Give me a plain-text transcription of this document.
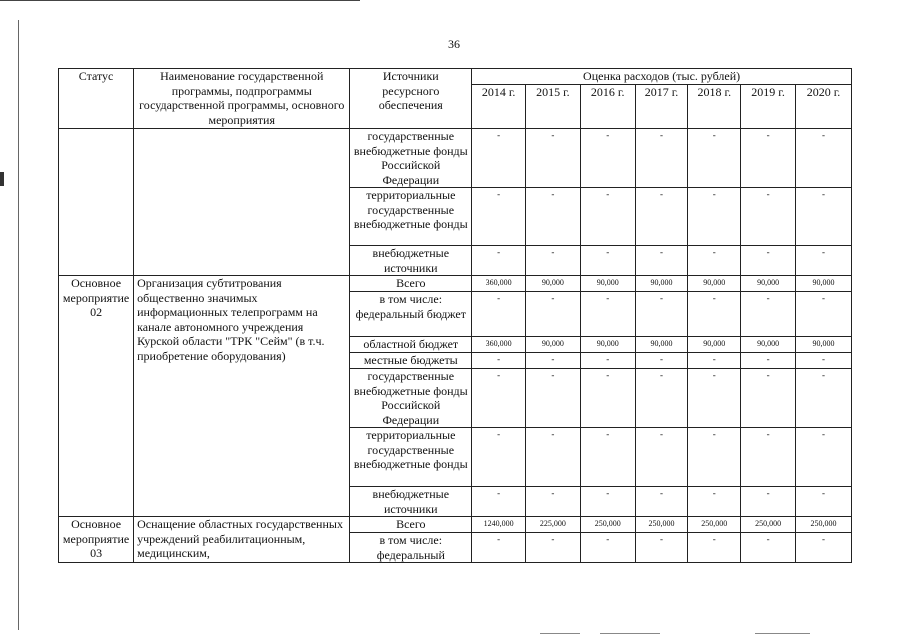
36
Статус	Наименование государственной программы, подпрограммы государственной программы, основного мероприятия	Источники ресурсного обеспечения	Оценка расходов (тыс. рублей)						
			2014 г.	2015 г.	2016 г.	2017 г.	2018 г.	2019 г.	2020 г.
		государственные внебюджетные фонды Российской Федерации	-	-	-	-	-	-	-
		территориальные государственные внебюджетные фонды	-	-	-	-	-	-	-
		внебюджетные источники	-	-	-	-	-	-	-
Основное мероприятие 02	Организация субтитрования общественно значимых информационных телепрограмм на канале автономного учреждения Курской области "ТРК "Сейм" (в т.ч. приобретение оборудования)	Всего	360,000	90,000	90,000	90,000	90,000	90,000	90,000
		в том числе: федеральный бюджет	-	-	-	-	-	-	-
		областной бюджет	360,000	90,000	90,000	90,000	90,000	90,000	90,000
		местные бюджеты	-	-	-	-	-	-	-
		государственные внебюджетные фонды Российской Федерации	-	-	-	-	-	-	-
		территориальные государственные внебюджетные фонды	-	-	-	-	-	-	-
		внебюджетные источники	-	-	-	-	-	-	-
Основное мероприятие 03	Оснащение областных государственных учреждений реабилитационным, медицинским,	Всего	1240,000	225,000	250,000	250,000	250,000	250,000	250,000
		в том числе: федеральный	-	-	-	-	-	-	-
